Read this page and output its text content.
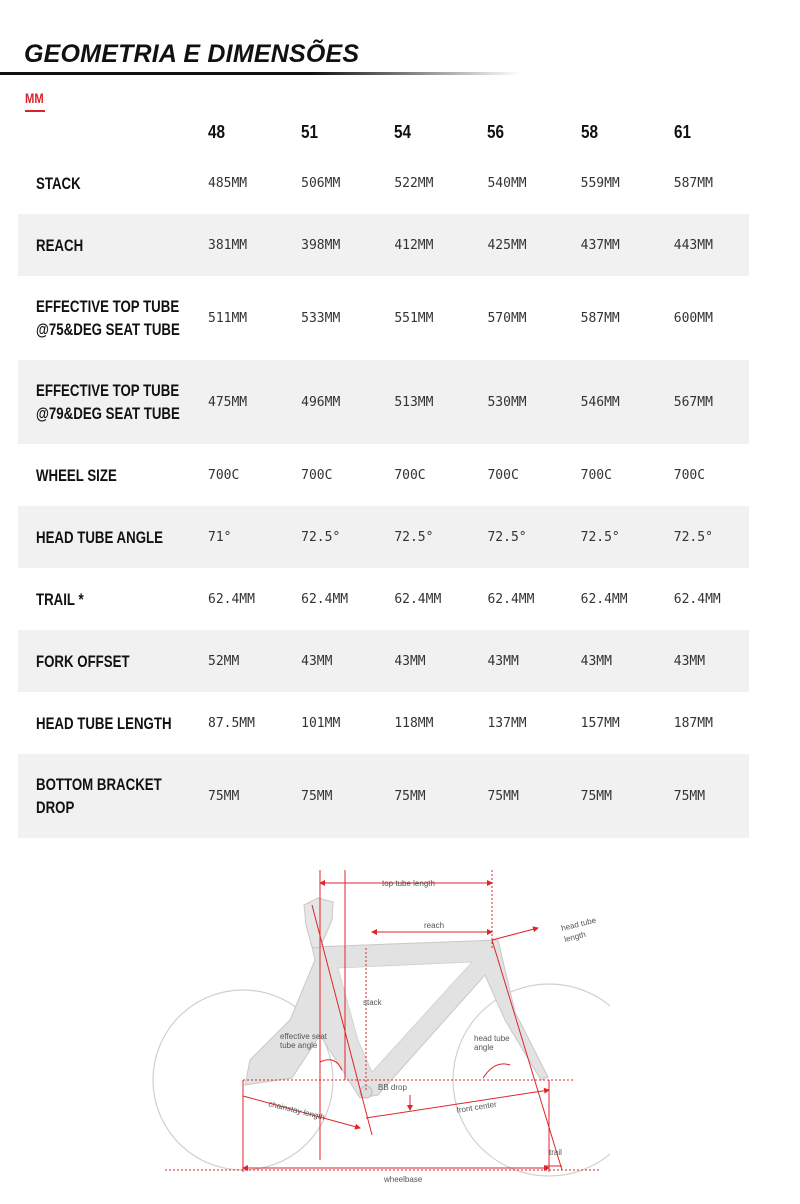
GEOMETRIA E DIMENSÕES
MM
	48	51	54	56	58	61
STACK	485MM	506MM	522MM	540MM	559MM	587MM
REACH	381MM	398MM	412MM	425MM	437MM	443MM
EFFECTIVE TOP TUBE
@75&DEG SEAT TUBE	511MM	533MM	551MM	570MM	587MM	600MM
EFFECTIVE TOP TUBE
@79&DEG SEAT TUBE	475MM	496MM	513MM	530MM	546MM	567MM
WHEEL SIZE	700C	700C	700C	700C	700C	700C
HEAD TUBE ANGLE	71°	72.5°	72.5°	72.5°	72.5°	72.5°
TRAIL *	62.4MM	62.4MM	62.4MM	62.4MM	62.4MM	62.4MM
FORK OFFSET	52MM	43MM	43MM	43MM	43MM	43MM
HEAD TUBE LENGTH	87.5MM	101MM	118MM	137MM	157MM	187MM
BOTTOM BRACKET
DROP	75MM	75MM	75MM	75MM	75MM	75MM
top tube length
reach	head tube
length
stack
effective seat
tube angle
head tube
angle
BB drop
chainstay length	front center
trail
wheelbase
